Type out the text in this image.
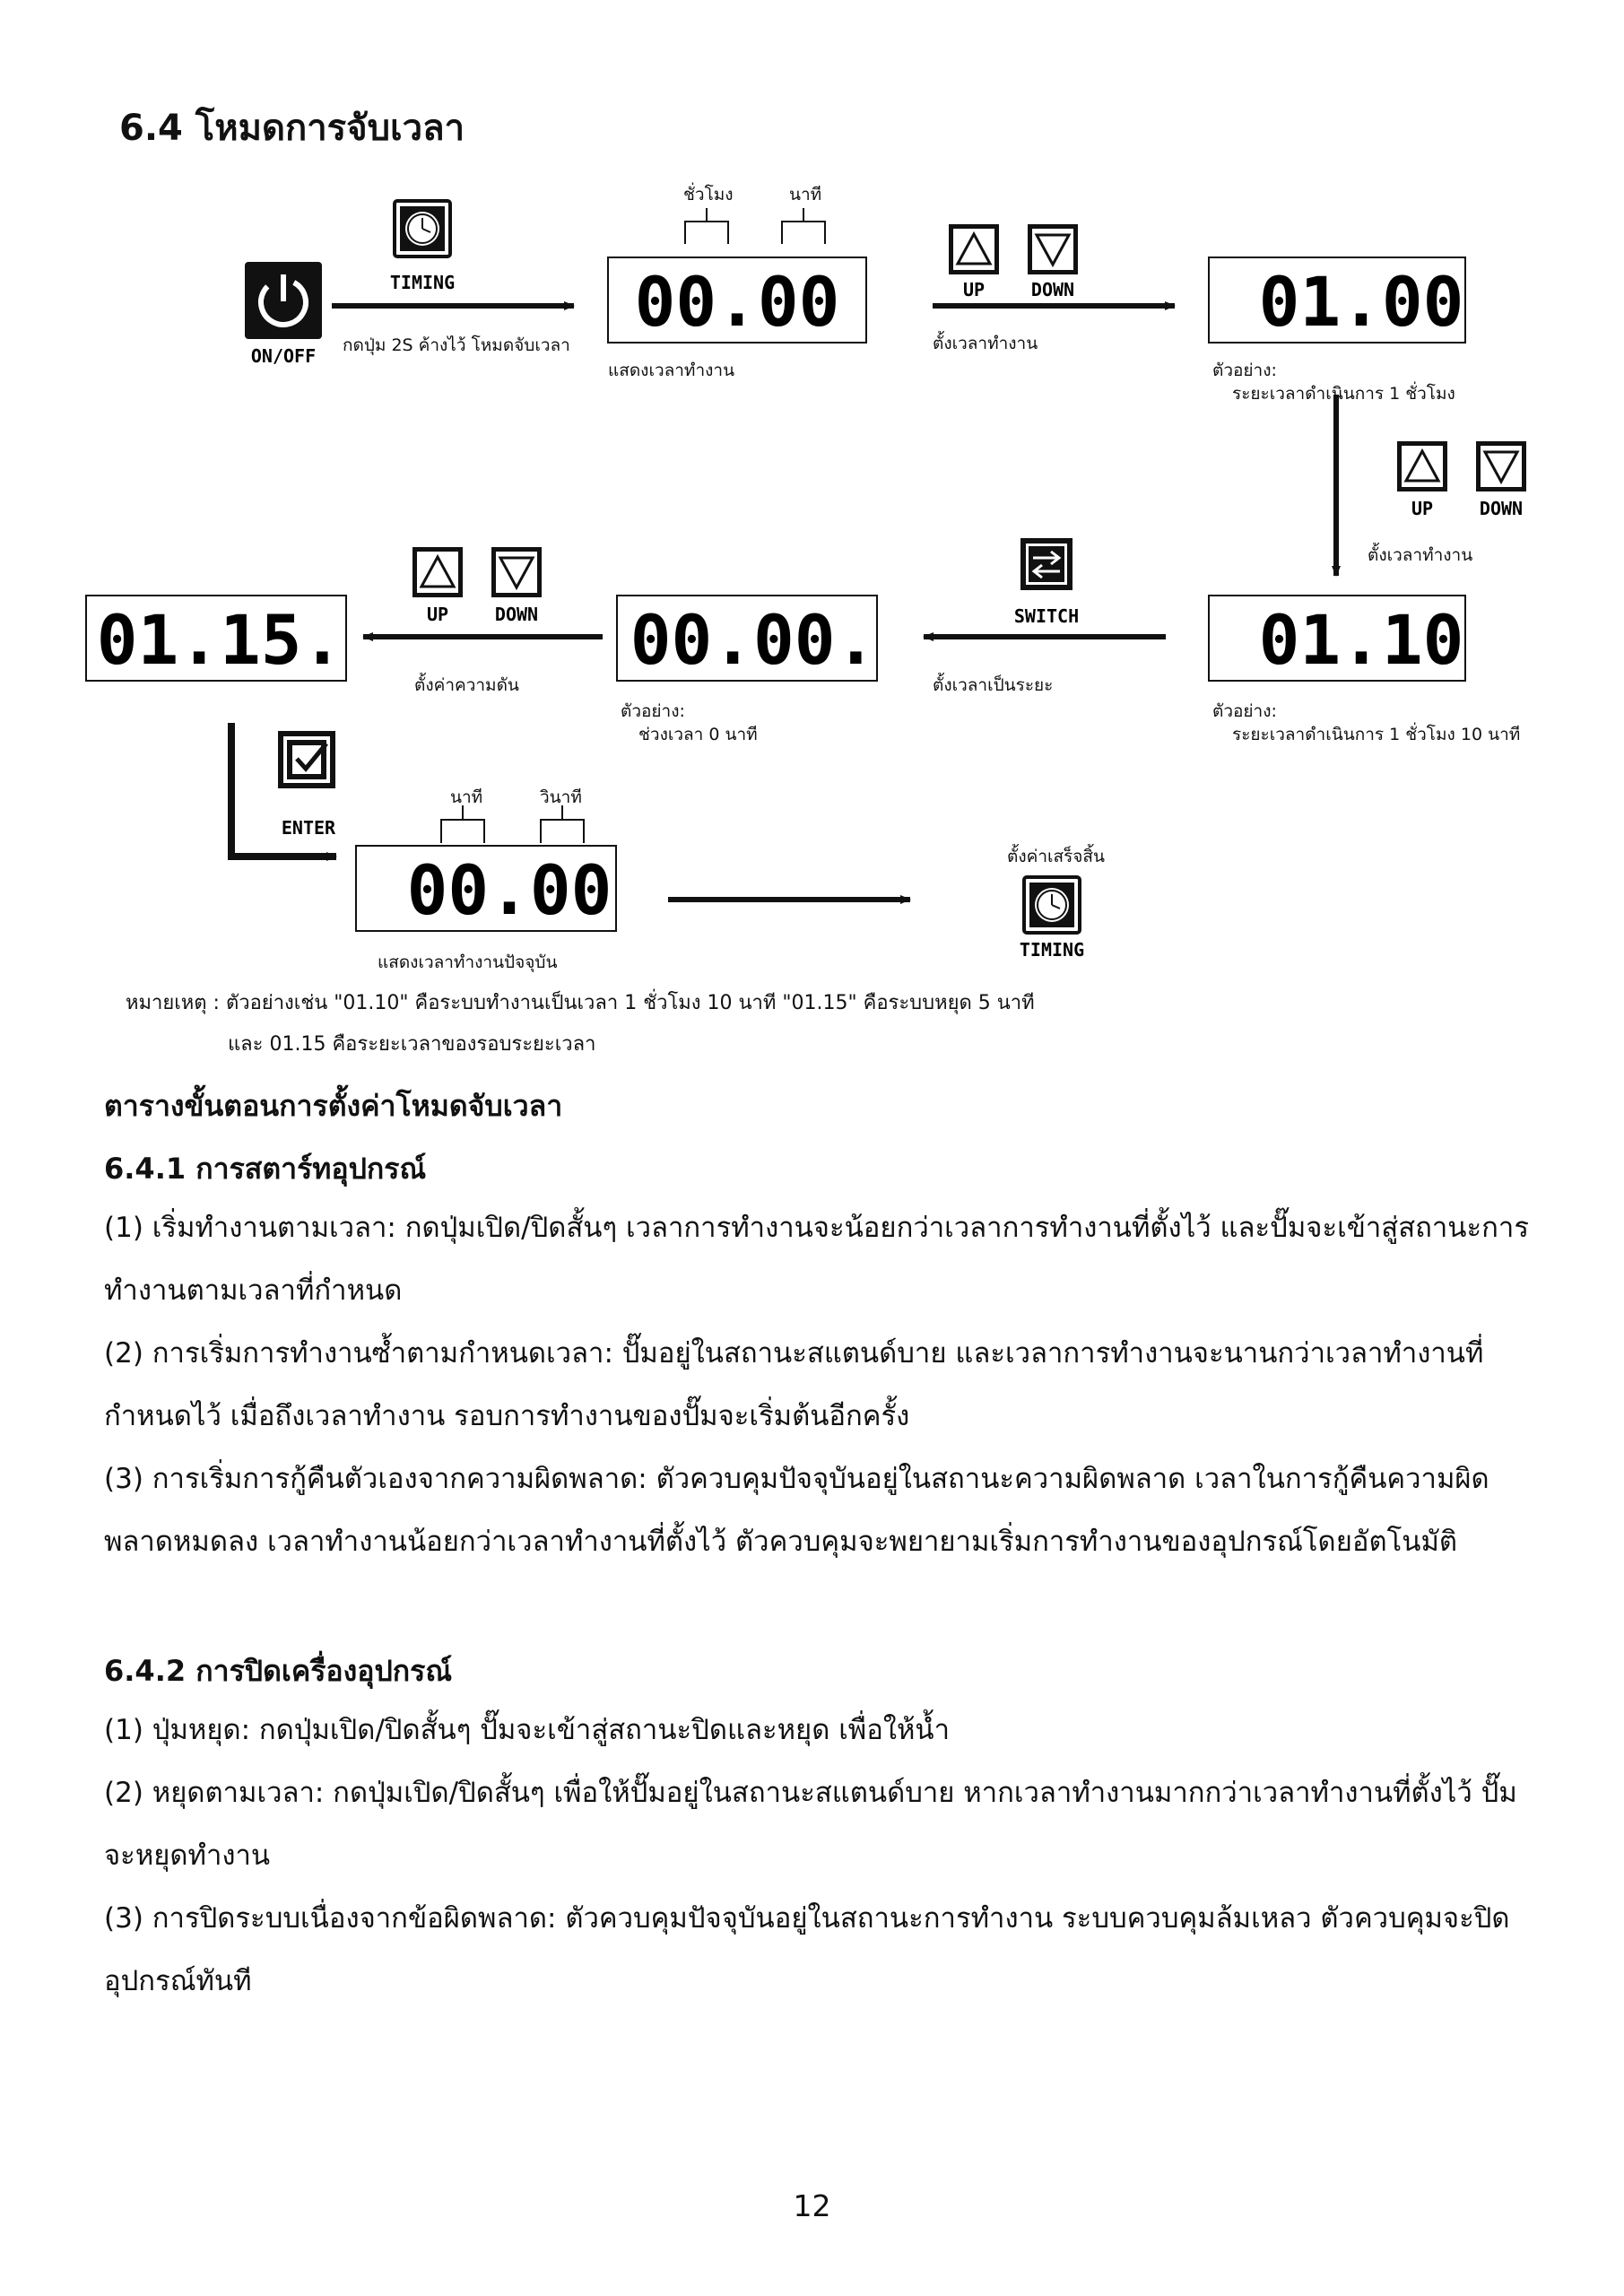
6.4 โหมดการจับเวลา
ON/OFF
TIMING	00.00	UP	DOWN	01.00
UP	DOWN
01.10
SWITCH
00.00.
UP	DOWN
01.15.
ENTER
00.00
TIMING
ชั่วโมง	นาที
กดปุ่ม 2S ค้างไว้ โหมดจับเวลา
แสดงเวลาทำงาน
ตั้งเวลาทำงาน
ตัวอย่าง:
ระยะเวลาดำเนินการ 1 ชั่วโมง
ตั้งเวลาทำงาน
ตัวอย่าง:
ระยะเวลาดำเนินการ 1 ชั่วโมง 10 นาที
ตั้งเวลาเป็นระยะ
ตัวอย่าง:
ช่วงเวลา 0 นาที
ตั้งค่าความดัน
นาที	วินาที
แสดงเวลาทำงานปัจจุบัน
ตั้งค่าเสร็จสิ้น
หมายเหตุ : ตัวอย่างเช่น "01.10" คือระบบทำงานเป็นเวลา 1 ชั่วโมง 10 นาที "01.15" คือระบบหยุด 5 นาที
และ 01.15 คือระยะเวลาของรอบระยะเวลา
ตารางขั้นตอนการตั้งค่าโหมดจับเวลา
6.4.1 การสตาร์ทอุปกรณ์
(1) เริ่มทำงานตามเวลา: กดปุ่มเปิด/ปิดสั้นๆ เวลาการทำงานจะน้อยกว่าเวลาการทำงานที่ตั้งไว้ และปั๊มจะเข้าสู่สถานะการทำงานตามเวลาที่กำหนด
(2) การเริ่มการทำงานซ้ำตามกำหนดเวลา: ปั๊มอยู่ในสถานะสแตนด์บาย และเวลาการทำงานจะนานกว่าเวลาทำงานที่กำหนดไว้ เมื่อถึงเวลาทำงาน รอบการทำงานของปั๊มจะเริ่มต้นอีกครั้ง
(3) การเริ่มการกู้คืนตัวเองจากความผิดพลาด: ตัวควบคุมปัจจุบันอยู่ในสถานะความผิดพลาด เวลาในการกู้คืนความผิดพลาดหมดลง เวลาทำงานน้อยกว่าเวลาทำงานที่ตั้งไว้ ตัวควบคุมจะพยายามเริ่มการทำงานของอุปกรณ์โดยอัตโนมัติ
6.4.2 การปิดเครื่องอุปกรณ์
(1) ปุ่มหยุด: กดปุ่มเปิด/ปิดสั้นๆ ปั๊มจะเข้าสู่สถานะปิดและหยุด เพื่อให้น้ำ
(2) หยุดตามเวลา: กดปุ่มเปิด/ปิดสั้นๆ เพื่อให้ปั๊มอยู่ในสถานะสแตนด์บาย หากเวลาทำงานมากกว่าเวลาทำงานที่ตั้งไว้ ปั๊มจะหยุดทำงาน
(3) การปิดระบบเนื่องจากข้อผิดพลาด: ตัวควบคุมปัจจุบันอยู่ในสถานะการทำงาน ระบบควบคุมล้มเหลว ตัวควบคุมจะปิดอุปกรณ์ทันที
12
